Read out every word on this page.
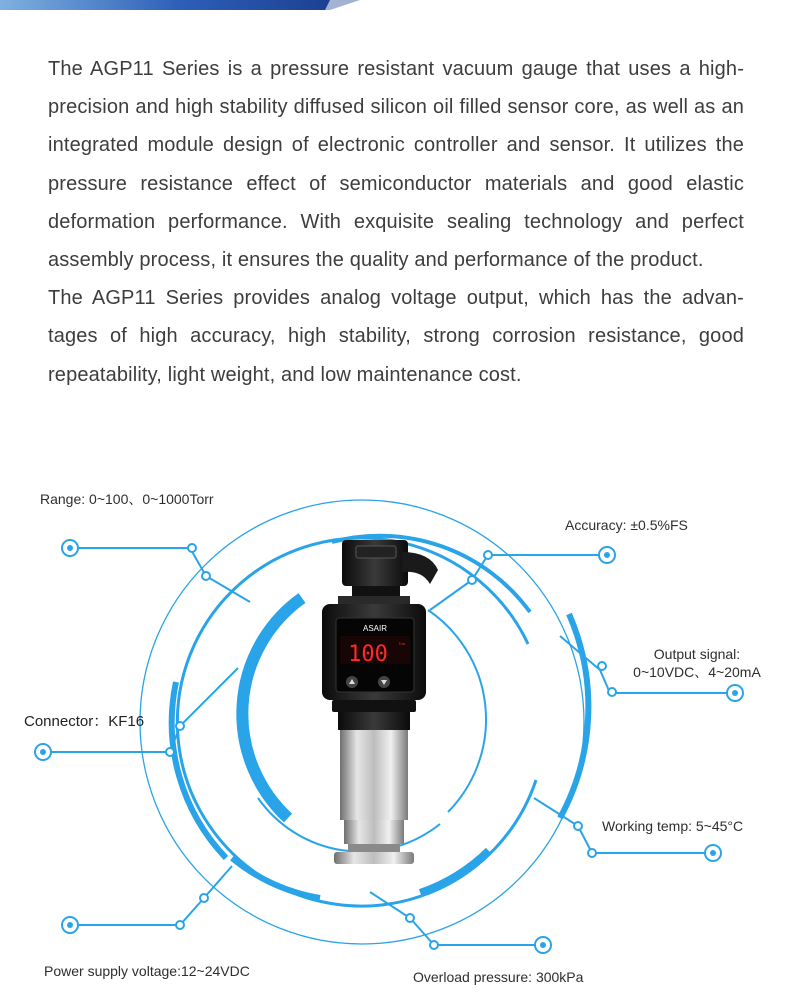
The AGP11 Series is a pressure resistant vacuum gauge that uses a high-precision and high stability diffused silicon oil filled sensor core, as well as an integrated module design of electronic controller and sensor. It utilizes the pressure resistance effect of semiconductor materials and good elastic deformation performance. With exquisite sealing technology and perfect assembly process, it ensures the quality and performance of the product.

The AGP11 Series provides analog voltage output, which has the advan- tages of high accuracy, high stability, strong corrosion resistance, good repeatability, light weight, and low maintenance cost.

ASAIR
100	Torr
Range: 0~100、0~1000Torr
Accuracy: ±0.5%FS
Output signal:
0~10VDC、4~20mA
Connector：KF16
Working temp: 5~45°C
Power supply voltage:12~24VDC	Overload pressure: 300kPa
